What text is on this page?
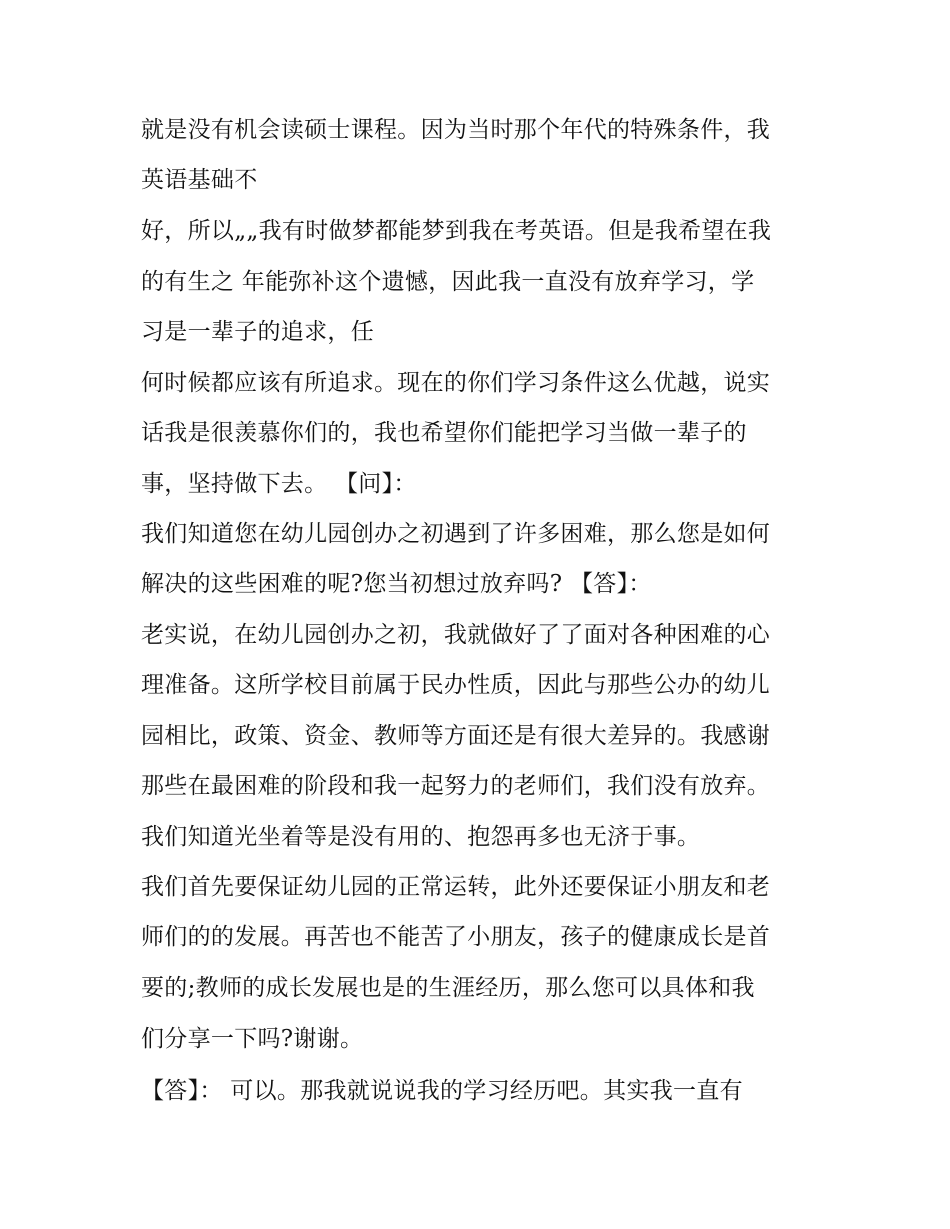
就是没有机会读硕士课程。因为当时那个年代的特殊条件，我
英语基础不
好，所以„„我有时做梦都能梦到我在考英语。但是我希望在我
的有生之 年能弥补这个遗憾，因此我一直没有放弃学习，学
习是一辈子的追求，任
何时候都应该有所追求。现在的你们学习条件这么优越，说实
话我是很羡慕你们的，我也希望你们能把学习当做一辈子的
事，坚持做下去。 【问】：
我们知道您在幼儿园创办之初遇到了许多困难，那么您是如何
解决的这些困难的呢?您当初想过放弃吗? 【答】：
老实说，在幼儿园创办之初，我就做好了了面对各种困难的心
理准备。这所学校目前属于民办性质，因此与那些公办的幼儿
园相比，政策、资金、教师等方面还是有很大差异的。我感谢
那些在最困难的阶段和我一起努力的老师们，我们没有放弃。
我们知道光坐着等是没有用的、抱怨再多也无济于事。
我们首先要保证幼儿园的正常运转，此外还要保证小朋友和老
师们的的发展。再苦也不能苦了小朋友，孩子的健康成长是首
要的;教师的成长发展也是的生涯经历，那么您可以具体和我
们分享一下吗?谢谢。
【答】： 可以。那我就说说我的学习经历吧。其实我一直有
